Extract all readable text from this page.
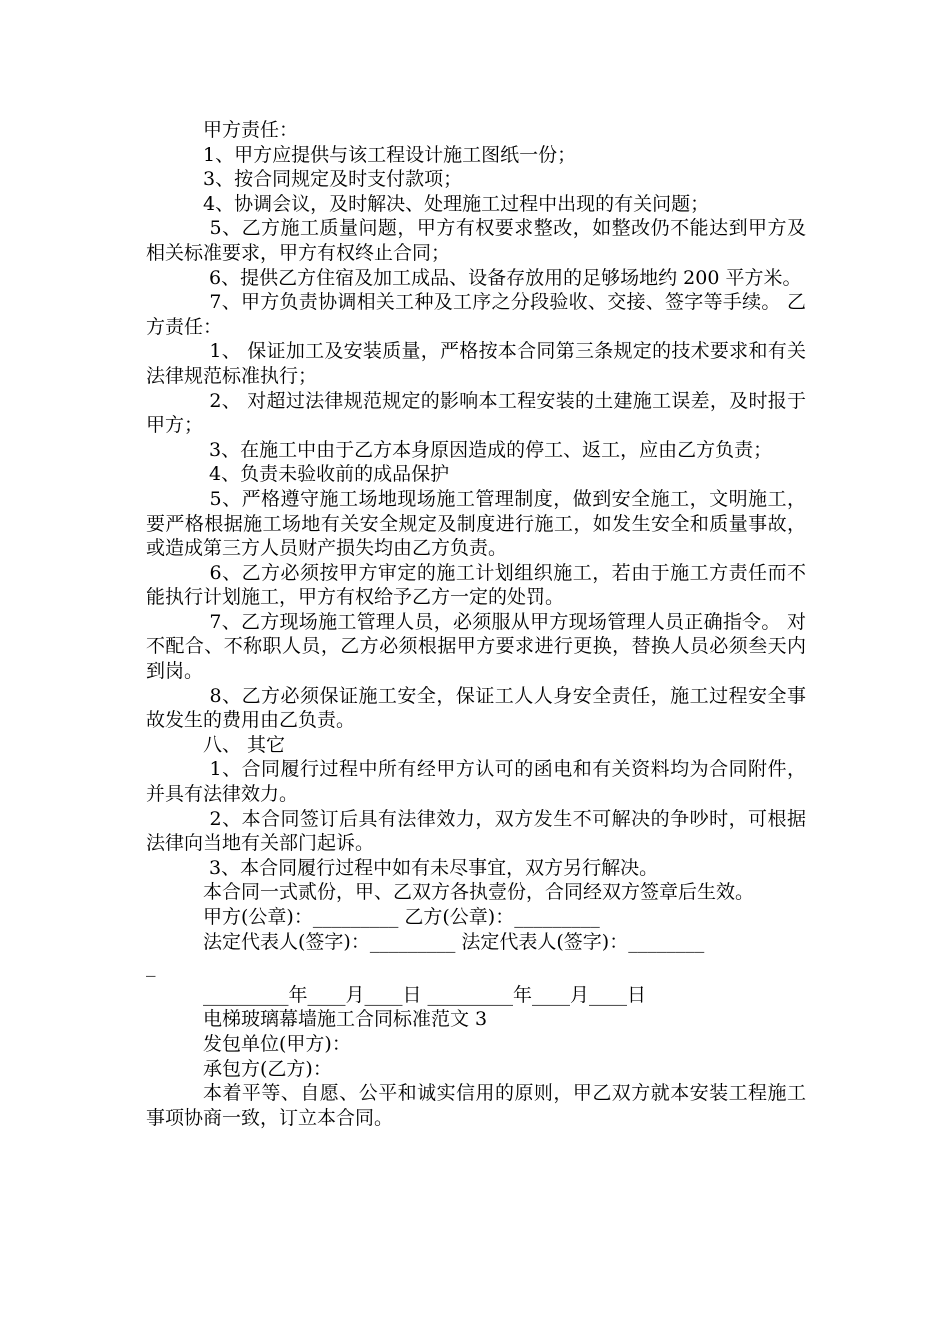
甲方责任：

1、甲方应提供与该工程设计施工图纸一份；

3、按合同规定及时支付款项；

4、协调会议，及时解决、处理施工过程中出现的有关问题；

5、乙方施工质量问题，甲方有权要求整改，如整改仍不能达到甲方及相关标准要求，甲方有权终止合同；

6、提供乙方住宿及加工成品、设备存放用的足够场地约 200 平方米。

7、甲方负责协调相关工种及工序之分段验收、交接、签字等手续。 乙方责任：

1、 保证加工及安装质量，严格按本合同第三条规定的技术要求和有关法律规范标准执行；

2、 对超过法律规范规定的影响本工程安装的土建施工误差，及时报于甲方；

3、在施工中由于乙方本身原因造成的停工、返工，应由乙方负责；

4、负责未验收前的成品保护

5、严格遵守施工场地现场施工管理制度，做到安全施工，文明施工，要严格根据施工场地有关安全规定及制度进行施工，如发生安全和质量事故，或造成第三方人员财产损失均由乙方负责。

6、乙方必须按甲方审定的施工计划组织施工，若由于施工方责任而不能执行计划施工，甲方有权给予乙方一定的处罚。

7、乙方现场施工管理人员，必须服从甲方现场管理人员正确指令。 对不配合、不称职人员，乙方必须根据甲方要求进行更换，替换人员必须叁天内到岗。

8、乙方必须保证施工安全，保证工人人身安全责任，施工过程安全事故发生的费用由乙负责。

八、 其它

1、合同履行过程中所有经甲方认可的函电和有关资料均为合同附件， 并具有法律效力。

2、本合同签订后具有法律效力，双方发生不可解决的争吵时，可根据法律向当地有关部门起诉。

3、本合同履行过程中如有未尽事宜，双方另行解决。

本合同一式贰份，甲、乙双方各执壹份，合同经双方签章后生效。

甲方(公章)：_________ 乙方(公章)：_________

法定代表人(签字)：_________ 法定代表人(签字)：________

_

_________年____月____日 _________年____月____日

电梯玻璃幕墙施工合同标准范文 3

发包单位(甲方)：

承包方(乙方)：

本着平等、自愿、公平和诚实信用的原则，甲乙双方就本安装工程施工事项协商一致，订立本合同。
